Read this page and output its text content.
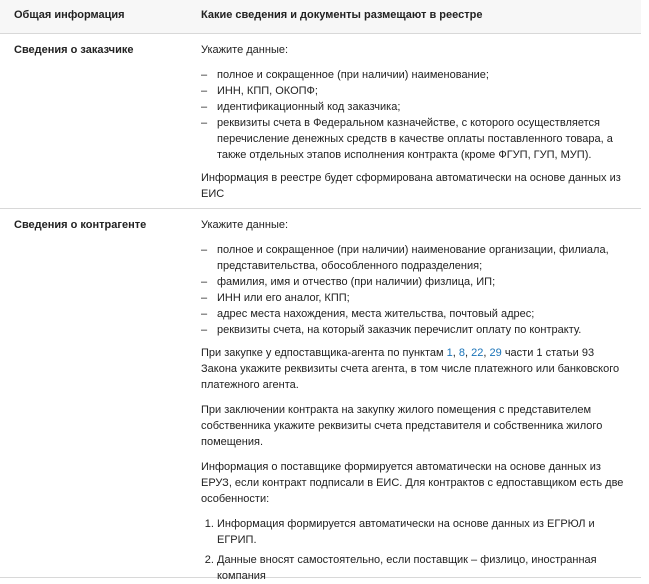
Общая информация	Какие сведения и документы размещают в реестре
Сведения о заказчике	Укажите данные:

– полное и сокращенное (при наличии) наименование;
– ИНН, КПП, ОКОПФ;
– идентификационный код заказчика;
– реквизиты счета в Федеральном казначействе, с которого осуществляется перечисление денежных средств в качестве оплаты поставленного товара, а также отдельных этапов исполнения контракта (кроме ФГУП, ГУП, МУП).

Информация в реестре будет сформирована автоматически на основе данных из ЕИС

Сведения о контрагенте	Укажите данные:

– полное и сокращенное (при наличии) наименование организации, филиала, представительства, обособленного подразделения;
– фамилия, имя и отчество (при наличии) физлица, ИП;
– ИНН или его аналог, КПП;
– адрес места нахождения, места жительства, почтовый адрес;
– реквизиты счета, на который заказчик перечислит оплату по контракту.

При закупке у едпоставщика-агента по пунктам 1, 8, 22, 29 части 1 статьи 93 Закона укажите реквизиты счета агента, в том числе платежного или банковского платежного агента.

При заключении контракта на закупку жилого помещения с представителем собственника укажите реквизиты счета представителя и собственника жилого помещения.

Информация о поставщике формируется автоматически на основе данных из ЕРУЗ, если контракт подписали в ЕИС. Для контрактов с едпоставщиком есть две особенности:

1. Информация формируется автоматически на основе данных из ЕГРЮЛ и ЕГРИП.
2. Данные вносят самостоятельно, если поставщик – физлицо, иностранная компания
